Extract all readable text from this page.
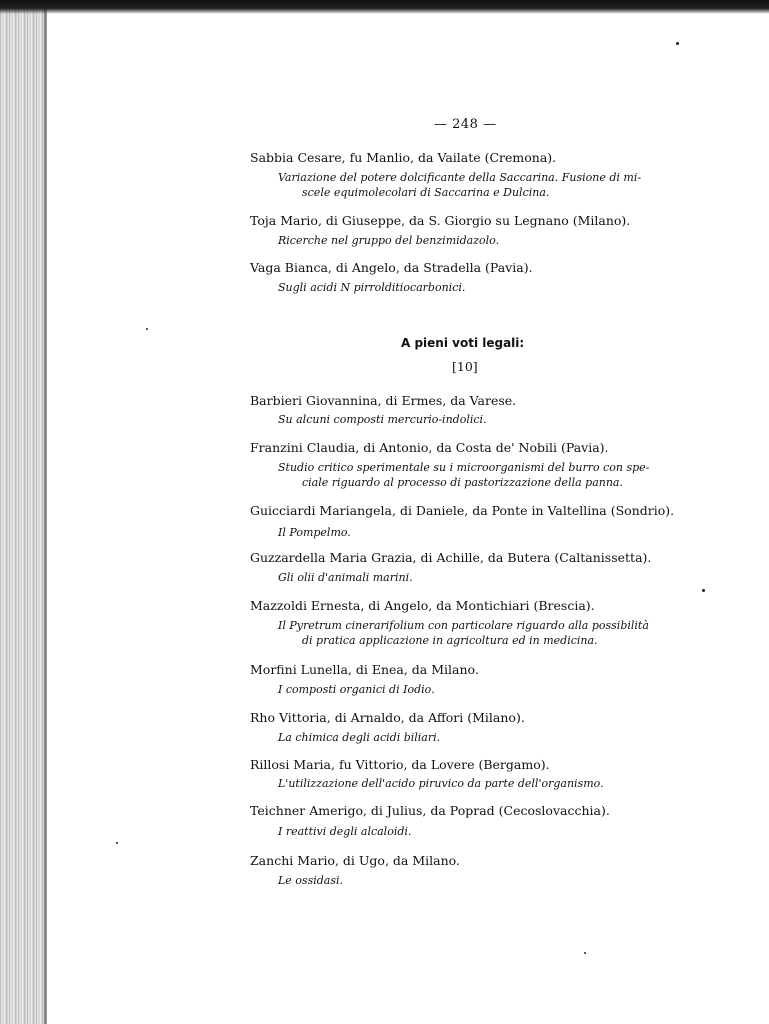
— 248 —
Sabbia Cesare, fu Manlio, da Vailate (Cremona).
Variazione del potere dolcificante della Saccarina. Fusione di mi-
scele equimolecolari di Saccarina e Dulcina.
Toja Mario, di Giuseppe, da S. Giorgio su Legnano (Milano).
Ricerche nel gruppo del benzimidazolo.
Vaga Bianca, di Angelo, da Stradella (Pavia).
Sugli acidi N pirrolditiocarbonici.
A pieni voti legali:
[10]
Barbieri Giovannina, di Ermes, da Varese.
Su alcuni composti mercurio-indolici.
Franzini Claudia, di Antonio, da Costa de' Nobili (Pavia).
Studio critico sperimentale su i microorganismi del burro con spe-
ciale riguardo al processo di pastorizzazione della panna.
Guicciardi Mariangela, di Daniele, da Ponte in Valtellina (Sondrio).
Il Pompelmo.
Guzzardella Maria Grazia, di Achille, da Butera (Caltanissetta).
Gli olii d'animali marini.
Mazzoldi Ernesta, di Angelo, da Montichiari (Brescia).
Il Pyretrum cinerarifolium con particolare riguardo alla possibilità
di pratica applicazione in agricoltura ed in medicina.
Morfini Lunella, di Enea, da Milano.
I composti organici di Iodio.
Rho Vittoria, di Arnaldo, da Affori (Milano).
La chimica degli acidi biliari.
Rillosi Maria, fu Vittorio, da Lovere (Bergamo).
L'utilizzazione dell'acido piruvico da parte dell'organismo.
Teichner Amerigo, di Julius, da Poprad (Cecoslovacchia).
I reattivi degli alcaloidi.
Zanchi Mario, di Ugo, da Milano.
Le ossidasi.
